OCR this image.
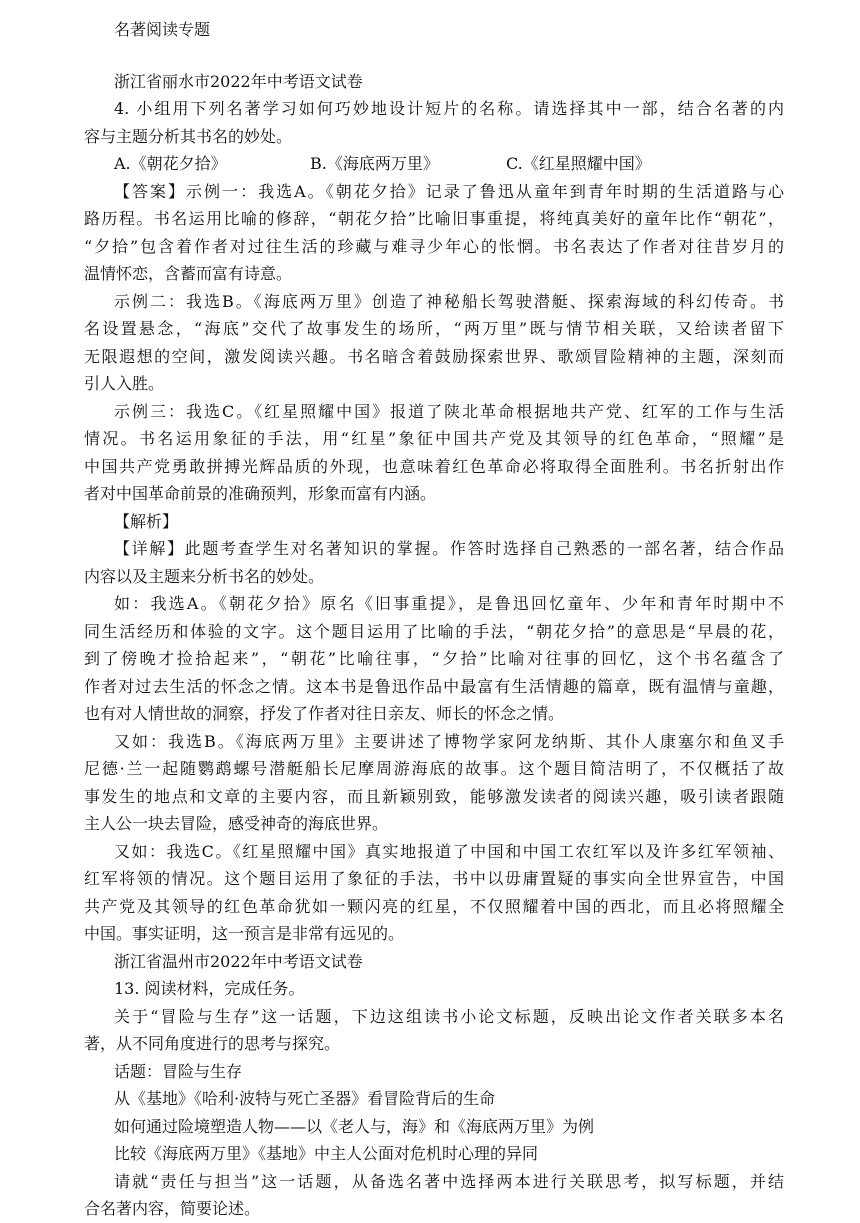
名著阅读专题

浙江省丽水市2022年中考语文试卷

4. 小组用下列名著学习如何巧妙地设计短片的名称。请选择其中一部，结合名著的内

容与主题分析其书名的妙处。

A.《朝花夕拾》	B.《海底两万里》	C.《红星照耀中国》

【答案】示例一：我选A。《朝花夕拾》记录了鲁迅从童年到青年时期的生活道路与心

路历程。书名运用比喻的修辞，“朝花夕拾”比喻旧事重提，将纯真美好的童年比作“朝花”，

“夕拾”包含着作者对过往生活的珍藏与难寻少年心的怅惘。书名表达了作者对往昔岁月的

温情怀恋，含蓄而富有诗意。

示例二：我选B。《海底两万里》创造了神秘船长驾驶潜艇、探索海域的科幻传奇。书

名设置悬念，“海底”交代了故事发生的场所，“两万里”既与情节相关联，又给读者留下

无限遐想的空间，激发阅读兴趣。书名暗含着鼓励探索世界、歌颂冒险精神的主题，深刻而

引人入胜。

示例三：我选C。《红星照耀中国》报道了陕北革命根据地共产党、红军的工作与生活

情况。书名运用象征的手法，用“红星”象征中国共产党及其领导的红色革命，“照耀”是

中国共产党勇敢拼搏光辉品质的外现，也意味着红色革命必将取得全面胜利。书名折射出作

者对中国革命前景的准确预判，形象而富有内涵。

【解析】

【详解】此题考查学生对名著知识的掌握。作答时选择自己熟悉的一部名著，结合作品

内容以及主题来分析书名的妙处。

如：我选A。《朝花夕拾》原名《旧事重提》，是鲁迅回忆童年、少年和青年时期中不

同生活经历和体验的文字。这个题目运用了比喻的手法，“朝花夕拾”的意思是“早晨的花，

到了傍晚才捡拾起来”，“朝花”比喻往事，“夕拾”比喻对往事的回忆，这个书名蕴含了

作者对过去生活的怀念之情。这本书是鲁迅作品中最富有生活情趣的篇章，既有温情与童趣，

也有对人情世故的洞察，抒发了作者对往日亲友、师长的怀念之情。

又如：我选B。《海底两万里》主要讲述了博物学家阿龙纳斯、其仆人康塞尔和鱼叉手

尼德·兰一起随鹦鹉螺号潜艇船长尼摩周游海底的故事。这个题目简洁明了，不仅概括了故

事发生的地点和文章的主要内容，而且新颖别致，能够激发读者的阅读兴趣，吸引读者跟随

主人公一块去冒险，感受神奇的海底世界。

又如：我选C。《红星照耀中国》真实地报道了中国和中国工农红军以及许多红军领袖、

红军将领的情况。这个题目运用了象征的手法，书中以毋庸置疑的事实向全世界宣告，中国

共产党及其领导的红色革命犹如一颗闪亮的红星，不仅照耀着中国的西北，而且必将照耀全

中国。事实证明，这一预言是非常有远见的。

浙江省温州市2022年中考语文试卷

13. 阅读材料，完成任务。

关于“冒险与生存”这一话题，下边这组读书小论文标题，反映出论文作者关联多本名

著，从不同角度进行的思考与探究。

话题：冒险与生存

从《基地》《哈利·波特与死亡圣器》看冒险背后的生命

如何通过险境塑造人物——以《老人与，海》和《海底两万里》为例

比较《海底两万里》《基地》中主人公面对危机时心理的异同

请就“责任与担当”这一话题，从备选名著中选择两本进行关联思考，拟写标题，并结

合名著内容，简要论述。
